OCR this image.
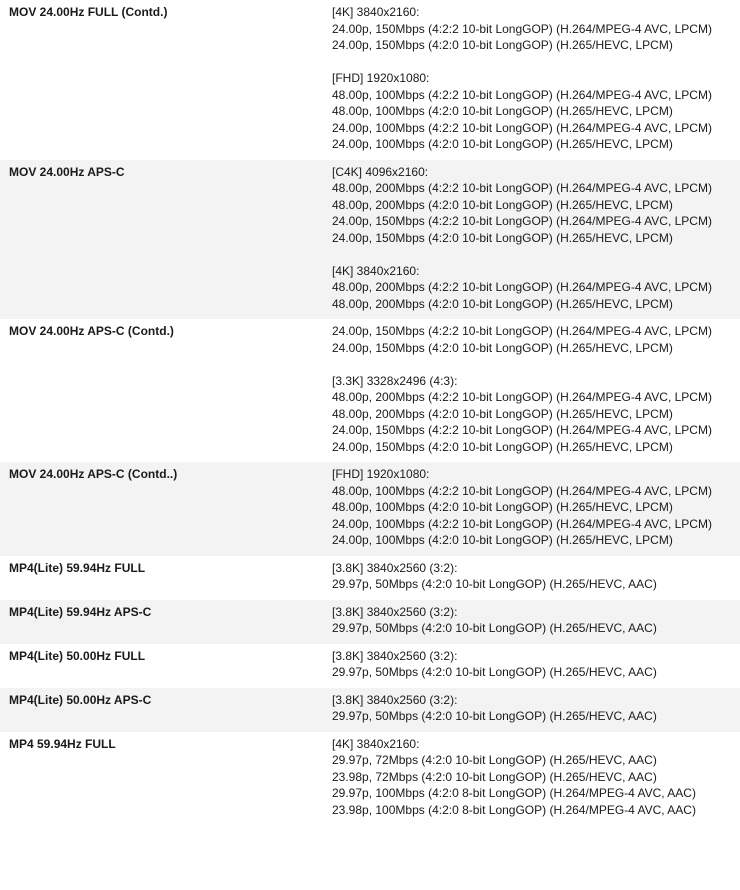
MOV 24.00Hz FULL (Contd.)	[4K] 3840x2160:
24.00p, 150Mbps (4:2:2 10-bit LongGOP) (H.264/MPEG-4 AVC, LPCM)
24.00p, 150Mbps (4:2:0 10-bit LongGOP) (H.265/HEVC, LPCM)
[FHD] 1920x1080:
48.00p, 100Mbps (4:2:2 10-bit LongGOP) (H.264/MPEG-4 AVC, LPCM)
48.00p, 100Mbps (4:2:0 10-bit LongGOP) (H.265/HEVC, LPCM)
24.00p, 100Mbps (4:2:2 10-bit LongGOP) (H.264/MPEG-4 AVC, LPCM)
24.00p, 100Mbps (4:2:0 10-bit LongGOP) (H.265/HEVC, LPCM)
MOV 24.00Hz APS-C	[C4K] 4096x2160:
48.00p, 200Mbps (4:2:2 10-bit LongGOP) (H.264/MPEG-4 AVC, LPCM)
48.00p, 200Mbps (4:2:0 10-bit LongGOP) (H.265/HEVC, LPCM)
24.00p, 150Mbps (4:2:2 10-bit LongGOP) (H.264/MPEG-4 AVC, LPCM)
24.00p, 150Mbps (4:2:0 10-bit LongGOP) (H.265/HEVC, LPCM)
[4K] 3840x2160:
48.00p, 200Mbps (4:2:2 10-bit LongGOP) (H.264/MPEG-4 AVC, LPCM)
48.00p, 200Mbps (4:2:0 10-bit LongGOP) (H.265/HEVC, LPCM)
MOV 24.00Hz APS-C (Contd.)	24.00p, 150Mbps (4:2:2 10-bit LongGOP) (H.264/MPEG-4 AVC, LPCM)
24.00p, 150Mbps (4:2:0 10-bit LongGOP) (H.265/HEVC, LPCM)
[3.3K] 3328x2496 (4:3):
48.00p, 200Mbps (4:2:2 10-bit LongGOP) (H.264/MPEG-4 AVC, LPCM)
48.00p, 200Mbps (4:2:0 10-bit LongGOP) (H.265/HEVC, LPCM)
24.00p, 150Mbps (4:2:2 10-bit LongGOP) (H.264/MPEG-4 AVC, LPCM)
24.00p, 150Mbps (4:2:0 10-bit LongGOP) (H.265/HEVC, LPCM)
MOV 24.00Hz APS-C (Contd..)	[FHD] 1920x1080:
48.00p, 100Mbps (4:2:2 10-bit LongGOP) (H.264/MPEG-4 AVC, LPCM)
48.00p, 100Mbps (4:2:0 10-bit LongGOP) (H.265/HEVC, LPCM)
24.00p, 100Mbps (4:2:2 10-bit LongGOP) (H.264/MPEG-4 AVC, LPCM)
24.00p, 100Mbps (4:2:0 10-bit LongGOP) (H.265/HEVC, LPCM)
MP4(Lite) 59.94Hz FULL	[3.8K] 3840x2560 (3:2):
29.97p, 50Mbps (4:2:0 10-bit LongGOP) (H.265/HEVC, AAC)
MP4(Lite) 59.94Hz APS-C	[3.8K] 3840x2560 (3:2):
29.97p, 50Mbps (4:2:0 10-bit LongGOP) (H.265/HEVC, AAC)
MP4(Lite) 50.00Hz FULL	[3.8K] 3840x2560 (3:2):
29.97p, 50Mbps (4:2:0 10-bit LongGOP) (H.265/HEVC, AAC)
MP4(Lite) 50.00Hz APS-C	[3.8K] 3840x2560 (3:2):
29.97p, 50Mbps (4:2:0 10-bit LongGOP) (H.265/HEVC, AAC)
MP4 59.94Hz FULL	[4K] 3840x2160:
29.97p, 72Mbps (4:2:0 10-bit LongGOP) (H.265/HEVC, AAC)
23.98p, 72Mbps (4:2:0 10-bit LongGOP) (H.265/HEVC, AAC)
29.97p, 100Mbps (4:2:0 8-bit LongGOP) (H.264/MPEG-4 AVC, AAC)
23.98p, 100Mbps (4:2:0 8-bit LongGOP) (H.264/MPEG-4 AVC, AAC)
